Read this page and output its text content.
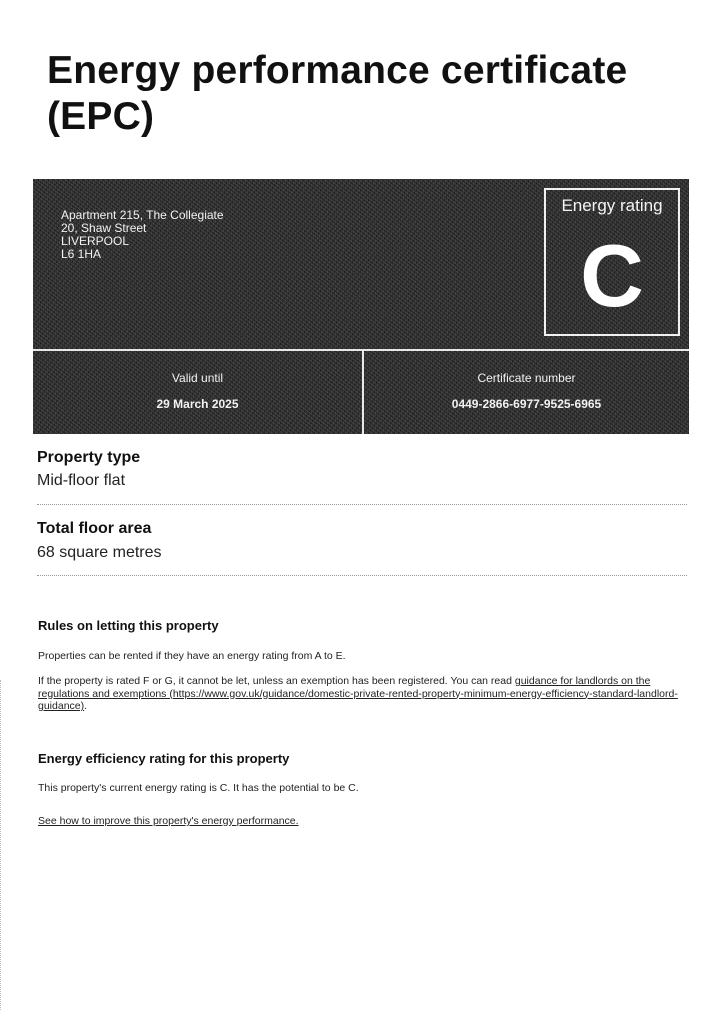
Energy performance certificate (EPC)
Apartment 215, The Collegiate
20, Shaw Street
LIVERPOOL
L6 1HA
Energy rating
C
Valid until
29 March 2025
Certificate number
0449-2866-6977-9525-6965
Property type
Mid-floor flat
Total floor area
68 square metres
Rules on letting this property
Properties can be rented if they have an energy rating from A to E.
If the property is rated F or G, it cannot be let, unless an exemption has been registered. You can read guidance for landlords on the regulations and exemptions (https://www.gov.uk/guidance/domestic-private-rented-property-minimum-energy-efficiency-standard-landlord-guidance).
Energy efficiency rating for this property
This property's current energy rating is C. It has the potential to be C.
See how to improve this property's energy performance.
